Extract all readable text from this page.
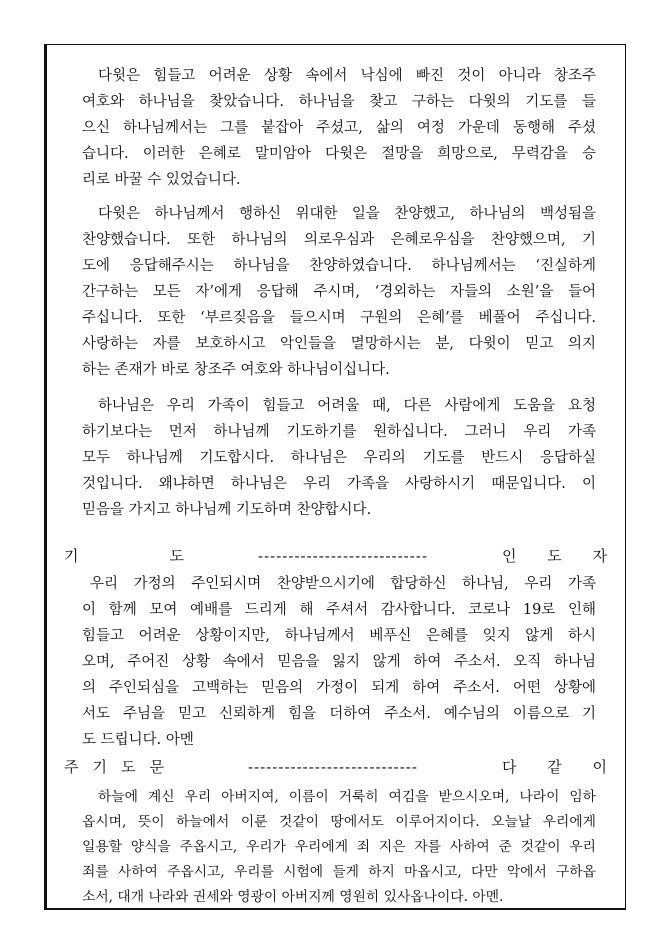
다윗은 힘들고 어려운 상황 속에서 낙심에 빠진 것이 아니라 창조주
여호와 하나님을 찾았습니다. 하나님을 찾고 구하는 다윗의 기도를 들
으신 하나님께서는 그를 붙잡아 주셨고, 삶의 여정 가운데 동행해 주셨
습니다. 이러한 은혜로 말미암아 다윗은 절망을 희망으로, 무력감을 승
리로 바꿀 수 있었습니다.
다윗은 하나님께서 행하신 위대한 일을 찬양했고, 하나님의 백성됨을
찬양했습니다. 또한 하나님의 의로우심과 은혜로우심을 찬양했으며, 기
도에 응답해주시는 하나님을 찬양하였습니다. 하나님께서는 ‘진실하게
간구하는 모든 자’에게 응답해 주시며, ‘경외하는 자들의 소원’을 들어
주십니다. 또한 ‘부르짖음을 들으시며 구원의 은혜’를 베풀어 주십니다.
사랑하는 자를 보호하시고 악인들을 멸망하시는 분, 다윗이 믿고 의지
하는 존재가 바로 창조주 여호와 하나님이십니다.
하나님은 우리 가족이 힘들고 어려울 때, 다른 사람에게 도움을 요청
하기보다는 먼저 하나님께 기도하기를 원하십니다. 그러니 우리 가족
모두 하나님께 기도합시다. 하나님은 우리의 기도를 반드시 응답하실
것입니다. 왜냐하면 하나님은 우리 가족을 사랑하시기 때문입니다. 이
믿음을 가지고 하나님께 기도하며 찬양합시다.
기	도	----------------------------	인 도 자
우리 가정의 주인되시며 찬양받으시기에 합당하신 하나님, 우리 가족
이 함께 모여 예배를 드리게 해 주셔서 감사합니다. 코로나 19로 인해
힘들고 어려운 상황이지만, 하나님께서 베푸신 은혜를 잊지 않게 하시
오며, 주어진 상황 속에서 믿음을 잃지 않게 하여 주소서. 오직 하나님
의 주인되심을 고백하는 믿음의 가정이 되게 하여 주소서. 어떤 상황에
서도 주님을 믿고 신뢰하게 힘을 더하여 주소서. 예수님의 이름으로 기
도 드립니다. 아멘
주 기 도 문	----------------------------	다 같 이
하늘에 계신 우리 아버지여, 이름이 거룩히 여김을 받으시오며, 나라이 임하
옵시며, 뜻이 하늘에서 이룬 것같이 땅에서도 이루어지이다. 오늘날 우리에게
일용할 양식을 주옵시고, 우리가 우리에게 죄 지은 자를 사하여 준 것같이 우리
죄를 사하여 주옵시고, 우리를 시험에 들게 하지 마옵시고, 다만 악에서 구하옵
소서, 대개 나라와 권세와 영광이 아버지께 영원히 있사옵나이다. 아멘.
